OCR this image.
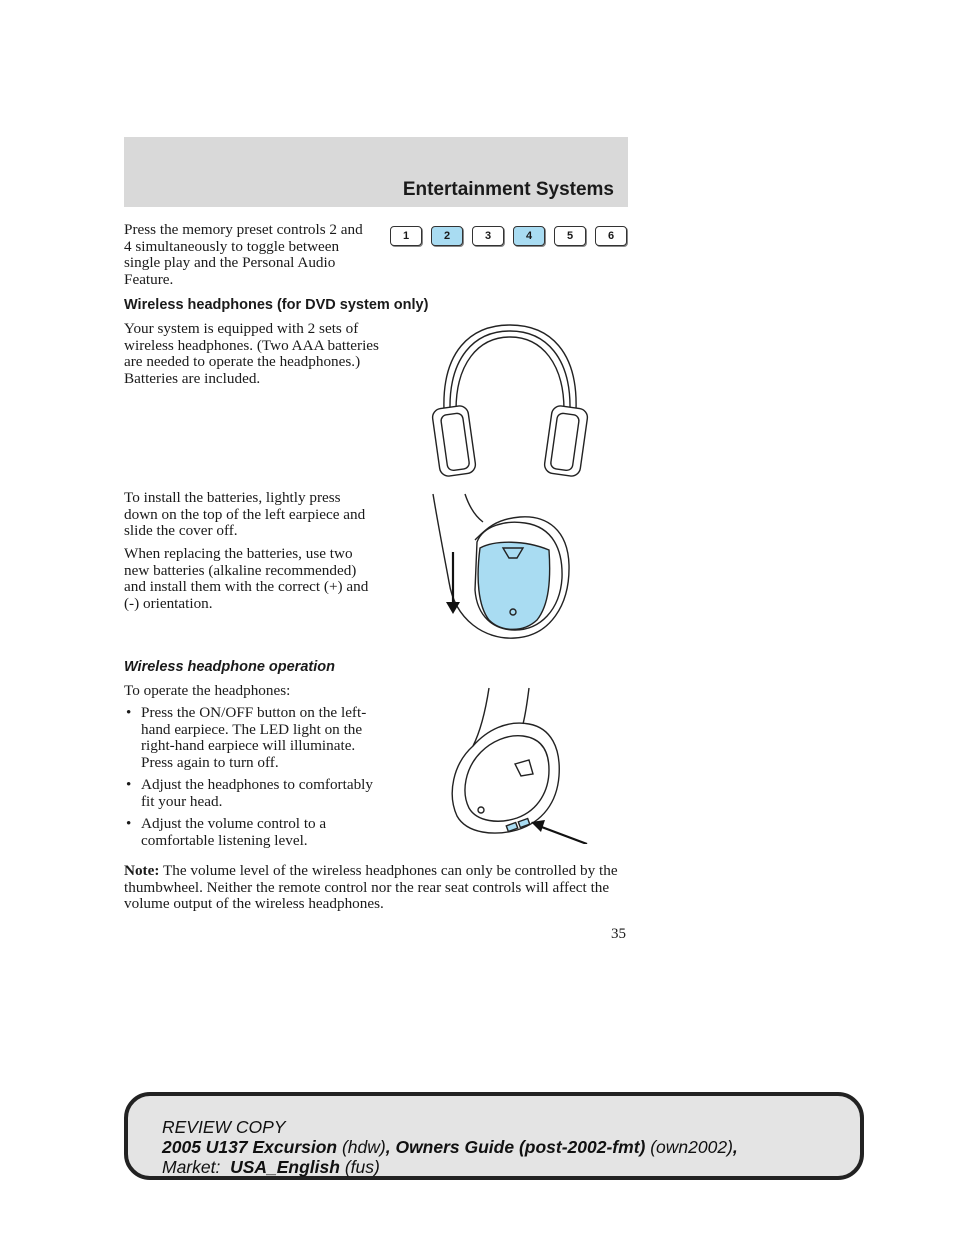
Entertainment Systems
Press the memory preset controls 2 and 4 simultaneously to toggle between single play and the Personal Audio Feature.
1	2	3	4	5	6
Wireless headphones (for DVD system only)
Your system is equipped with 2 sets of wireless headphones. (Two AAA batteries are needed to operate the headphones.) Batteries are included.
To install the batteries, lightly press down on the top of the left earpiece and slide the cover off.
When replacing the batteries, use two new batteries (alkaline recommended) and install them with the correct (+) and (-) orientation.
Wireless headphone operation
To operate the headphones:
• Press the ON/OFF button on the left-hand earpiece. The LED light on the right-hand earpiece will illuminate. Press again to turn off.
• Adjust the headphones to comfortably fit your head.
• Adjust the volume control to a comfortable listening level.
Note: The volume level of the wireless headphones can only be controlled by the thumbwheel. Neither the remote control nor the rear seat controls will affect the volume output of the wireless headphones.
35
REVIEW COPY
2005 U137 Excursion (hdw), Owners Guide (post-2002-fmt) (own2002),
Market:  USA_English (fus)
